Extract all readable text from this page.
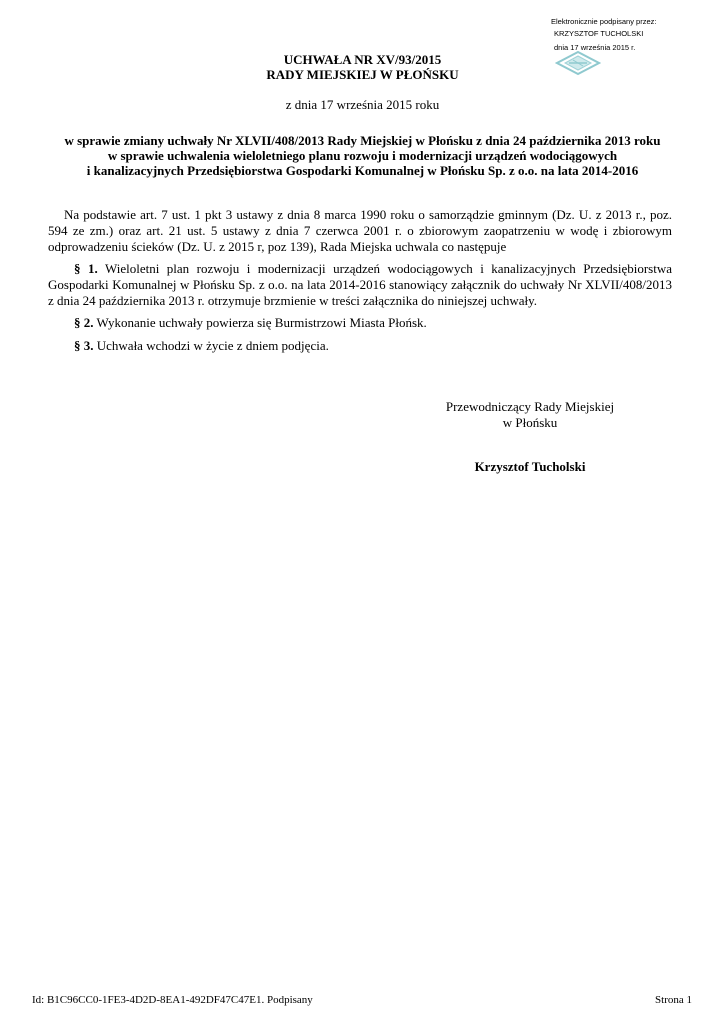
Elektronicznie podpisany przez:
KRZYSZTOF TUCHOLSKI
dnia 17 września 2015 r.
UCHWAŁA NR XV/93/2015
RADY MIEJSKIEJ W PŁOŃSKU
z dnia 17 września 2015 roku
w sprawie zmiany uchwały Nr XLVII/408/2013 Rady Miejskiej w Płońsku z dnia 24 października 2013 roku
w sprawie uchwalenia wieloletniego planu rozwoju i modernizacji urządzeń wodociągowych
i kanalizacyjnych Przedsiębiorstwa Gospodarki Komunalnej w Płońsku Sp. z o.o. na lata 2014-2016
Na podstawie art. 7 ust. 1 pkt 3 ustawy z dnia 8 marca 1990 roku o samorządzie gminnym (Dz. U. z 2013 r., poz. 594 ze zm.) oraz art. 21 ust. 5 ustawy z dnia 7 czerwca 2001 r. o zbiorowym zaopatrzeniu w wodę i zbiorowym odprowadzeniu ścieków (Dz. U. z 2015 r, poz 139), Rada Miejska uchwala co następuje
§ 1. Wieloletni plan rozwoju i modernizacji urządzeń wodociągowych i kanalizacyjnych Przedsiębiorstwa Gospodarki Komunalnej w Płońsku Sp. z o.o. na lata 2014-2016 stanowiący załącznik do uchwały Nr XLVII/408/2013 z dnia 24 października 2013 r. otrzymuje brzmienie w treści załącznika do niniejszej uchwały.
§ 2. Wykonanie uchwały powierza się Burmistrzowi Miasta Płońsk.
§ 3. Uchwała wchodzi w życie z dniem podjęcia.
Przewodniczący Rady Miejskiej
w Płońsku
Krzysztof Tucholski
Id: B1C96CC0-1FE3-4D2D-8EA1-492DF47C47E1. Podpisany	Strona 1
